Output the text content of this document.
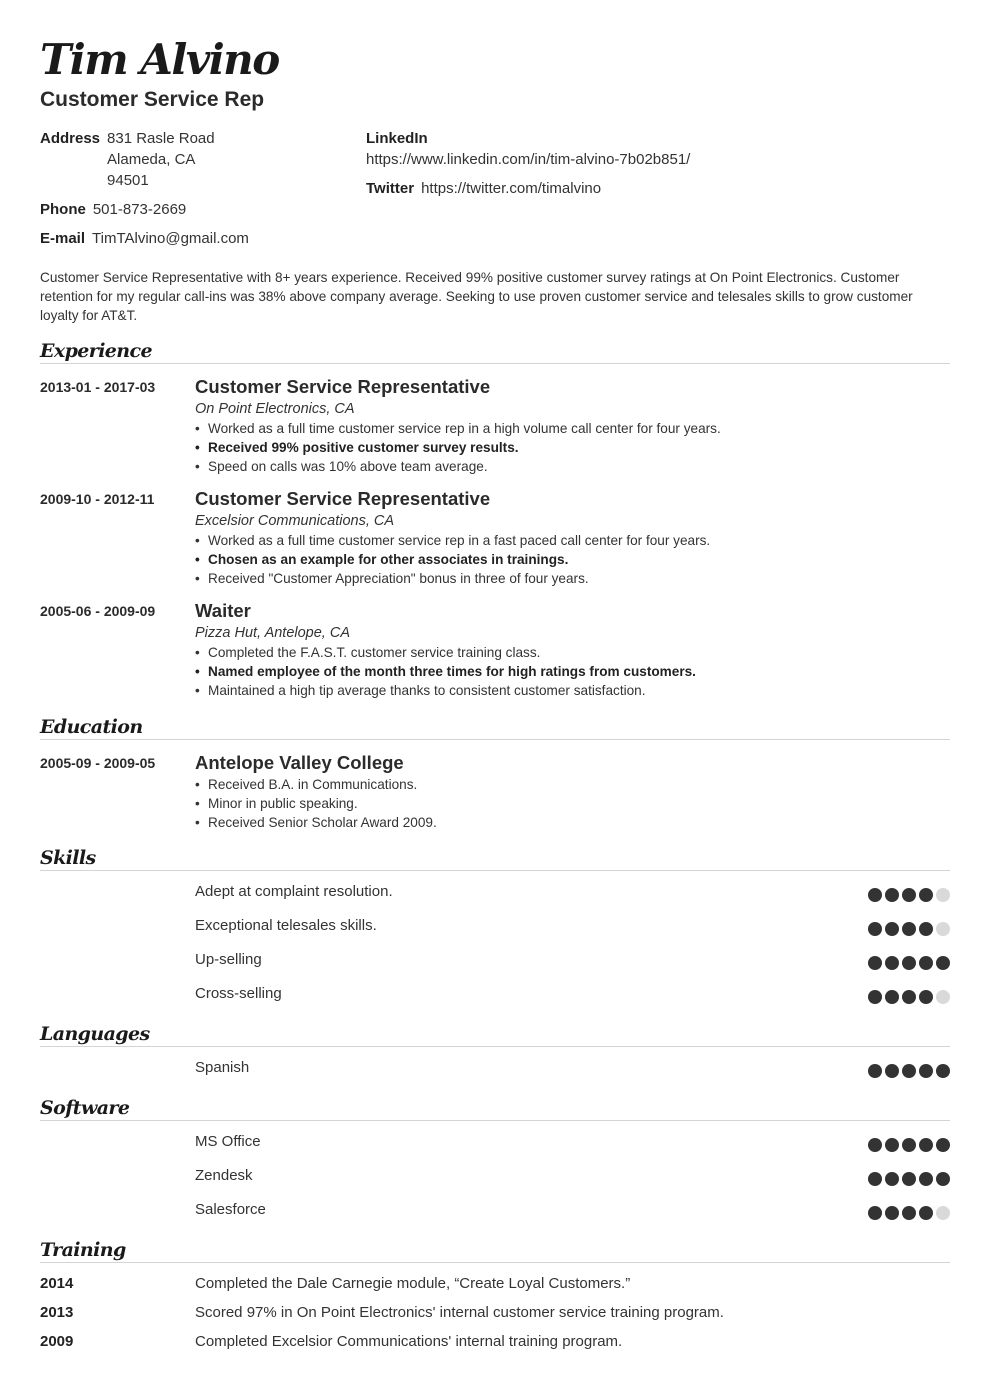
Tim Alvino
Customer Service Rep
Address 831 Rasle Road
Alameda, CA
94501
Phone 501-873-2669
E-mail TimTAlvino@gmail.com
LinkedIn
https://www.linkedin.com/in/tim-alvino-7b02b851/
Twitter https://twitter.com/timalvino

Customer Service Representative with 8+ years experience. Received 99% positive customer survey ratings at On Point Electronics. Customer retention for my regular call-ins was 38% above company average. Seeking to use proven customer service and telesales skills to grow customer loyalty for AT&T.

Experience
2013-01 - 2017-03 Customer Service Representative
On Point Electronics, CA
• Worked as a full time customer service rep in a high volume call center for four years.
• Received 99% positive customer survey results.
• Speed on calls was 10% above team average.
2009-10 - 2012-11 Customer Service Representative
Excelsior Communications, CA
• Worked as a full time customer service rep in a fast paced call center for four years.
• Chosen as an example for other associates in trainings.
• Received "Customer Appreciation" bonus in three of four years.
2005-06 - 2009-09 Waiter
Pizza Hut, Antelope, CA
• Completed the F.A.S.T. customer service training class.
• Named employee of the month three times for high ratings from customers.
• Maintained a high tip average thanks to consistent customer satisfaction.
Education
2005-09 - 2009-05 Antelope Valley College
• Received B.A. in Communications.
• Minor in public speaking.
• Received Senior Scholar Award 2009.
Skills
Adept at complaint resolution.
Exceptional telesales skills.
Up-selling
Cross-selling
Languages
Spanish
Software
MS Office
Zendesk
Salesforce
Training
2014	Completed the Dale Carnegie module, “Create Loyal Customers.”
2013	Scored 97% in On Point Electronics' internal customer service training program.
2009	Completed Excelsior Communications' internal training program.
